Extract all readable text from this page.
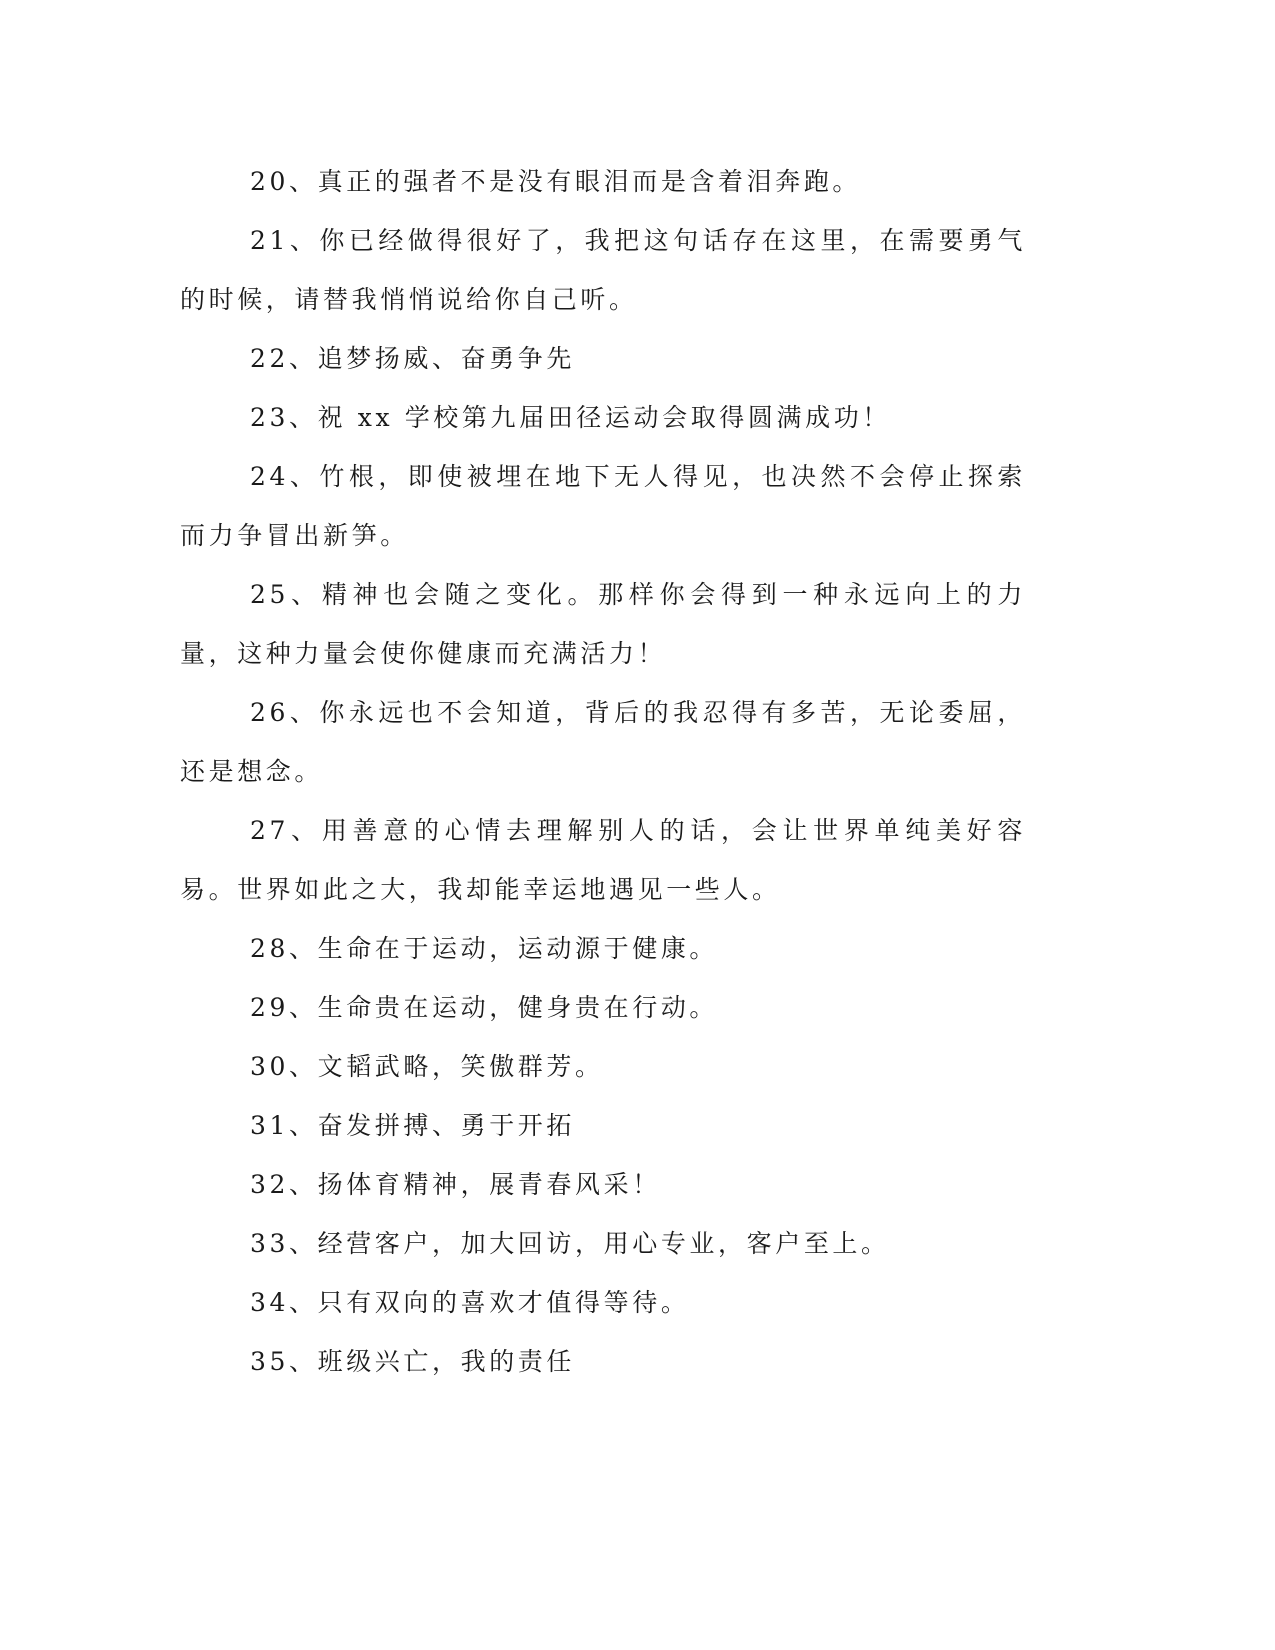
20、真正的强者不是没有眼泪而是含着泪奔跑。

21、你已经做得很好了，我把这句话存在这里，在需要勇气的时候，请替我悄悄说给你自己听。

22、追梦扬威、奋勇争先

23、祝 xx 学校第九届田径运动会取得圆满成功！

24、竹根，即使被埋在地下无人得见，也决然不会停止探索而力争冒出新笋。

25、精神也会随之变化。那样你会得到一种永远向上的力量，这种力量会使你健康而充满活力！

26、你永远也不会知道，背后的我忍得有多苦，无论委屈，还是想念。

27、用善意的心情去理解别人的话，会让世界单纯美好容易。世界如此之大，我却能幸运地遇见一些人。

28、生命在于运动，运动源于健康。

29、生命贵在运动，健身贵在行动。

30、文韬武略，笑傲群芳。

31、奋发拼搏、勇于开拓

32、扬体育精神，展青春风采！

33、经营客户，加大回访，用心专业，客户至上。

34、只有双向的喜欢才值得等待。

35、班级兴亡，我的责任
